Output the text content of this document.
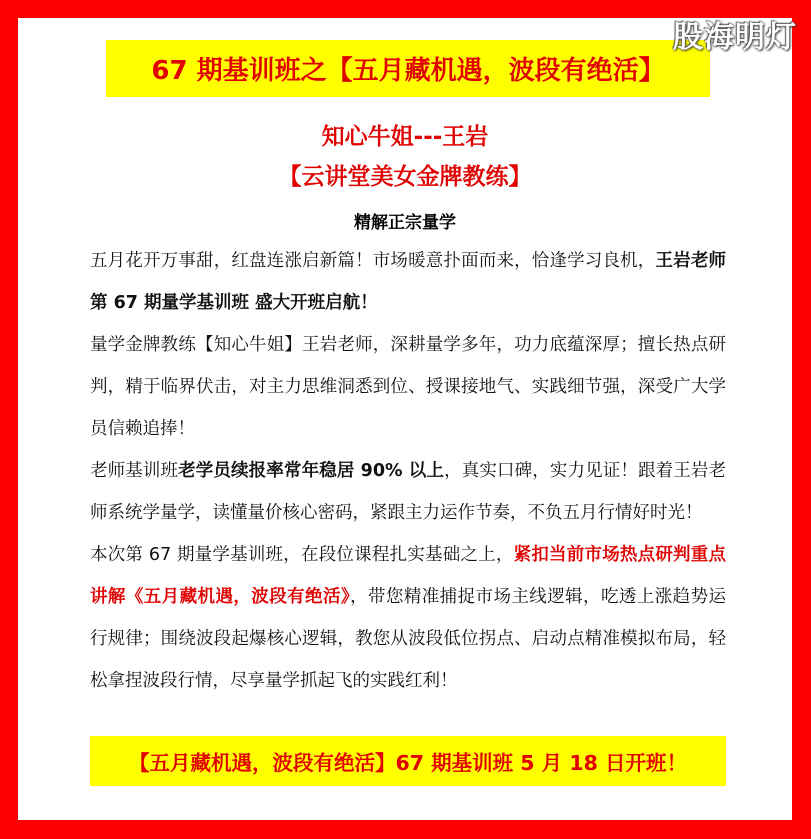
股海明灯
67 期基训班之【五月藏机遇，波段有绝活】
知心牛姐---王岩
【云讲堂美女金牌教练】
精解正宗量学

五月花开万事甜，红盘连涨启新篇！市场暖意扑面而来，恰逢学习良机，王岩老师第 67 期量学基训班 盛大开班启航！

量学金牌教练【知心牛姐】王岩老师，深耕量学多年，功力底蕴深厚；擅长热点研判，精于临界伏击，对主力思维洞悉到位、授课接地气、实践细节强，深受广大学员信赖追捧！

老师基训班老学员续报率常年稳居 90% 以上，真实口碑，实力见证！跟着王岩老师系统学量学，读懂量价核心密码，紧跟主力运作节奏，不负五月行情好时光！

本次第 67 期量学基训班，在段位课程扎实基础之上，紧扣当前市场热点研判重点讲解《五月藏机遇，波段有绝活》，带您精准捕捉市场主线逻辑，吃透上涨趋势运行规律；围绕波段起爆核心逻辑，教您从波段低位拐点、启动点精准模拟布局，轻松拿捏波段行情，尽享量学抓起飞的实践红利！

【五月藏机遇，波段有绝活】67 期基训班 5 月 18 日开班！
